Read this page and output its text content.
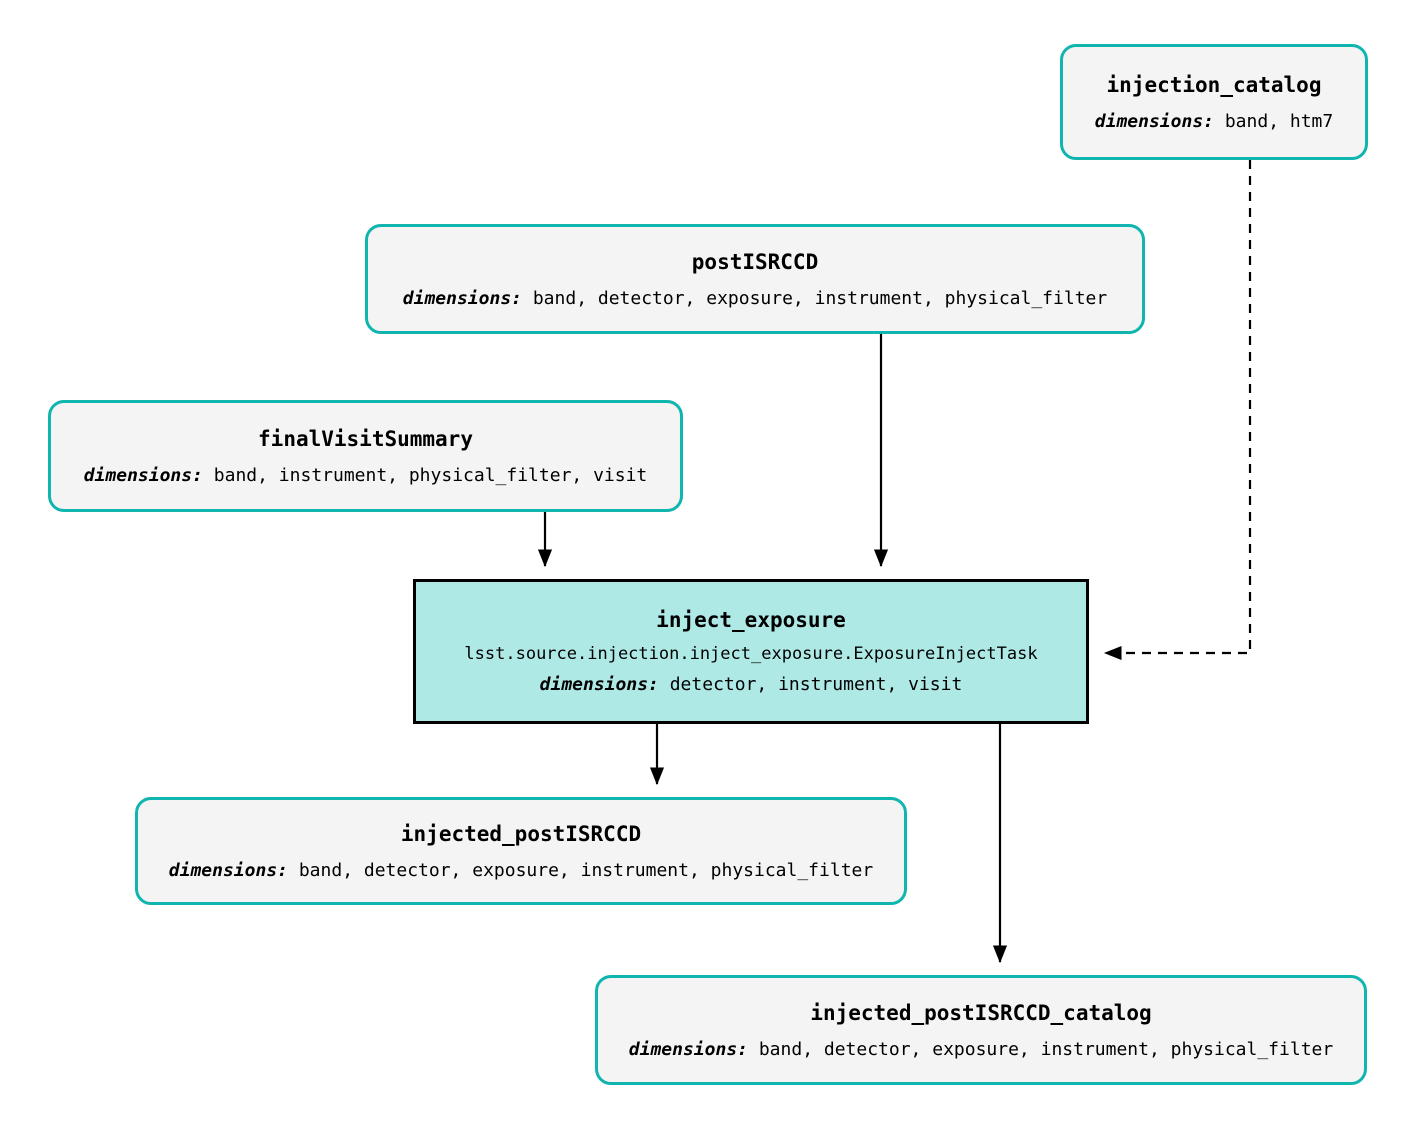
injection_catalog
dimensions: band, htm7
postISRCCD
dimensions: band, detector, exposure, instrument, physical_filter
finalVisitSummary
dimensions: band, instrument, physical_filter, visit
inject_exposure
lsst.source.injection.inject_exposure.ExposureInjectTask
dimensions: detector, instrument, visit
injected_postISRCCD
dimensions: band, detector, exposure, instrument, physical_filter
injected_postISRCCD_catalog
dimensions: band, detector, exposure, instrument, physical_filter
